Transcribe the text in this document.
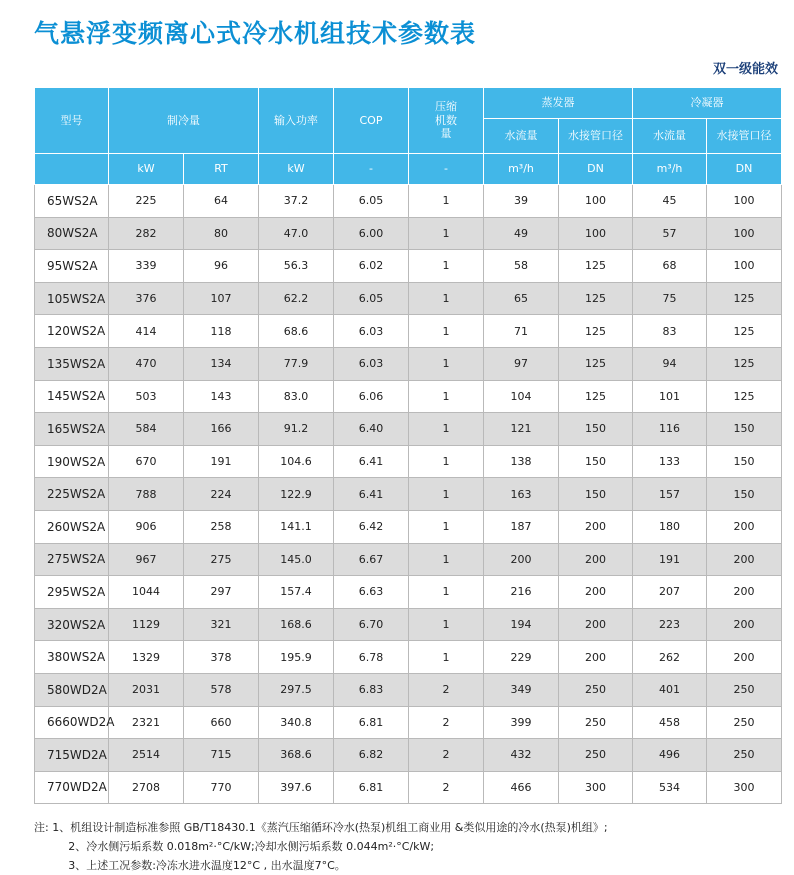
气悬浮变频离心式冷水机组技术参数表
双一级能效
型号	制冷量		输入功率	COP	压缩机数量	蒸发器		冷凝器	
						水流量	水接管口径	水流量	水接管口径
	kW	RT	kW	-	-	m³/h	DN	m³/h	DN
65WS2A	225	64	37.2	6.05	1	39	100	45	100
80WS2A	282	80	47.0	6.00	1	49	100	57	100
95WS2A	339	96	56.3	6.02	1	58	125	68	100
105WS2A	376	107	62.2	6.05	1	65	125	75	125
120WS2A	414	118	68.6	6.03	1	71	125	83	125
135WS2A	470	134	77.9	6.03	1	97	125	94	125
145WS2A	503	143	83.0	6.06	1	104	125	101	125
165WS2A	584	166	91.2	6.40	1	121	150	116	150
190WS2A	670	191	104.6	6.41	1	138	150	133	150
225WS2A	788	224	122.9	6.41	1	163	150	157	150
260WS2A	906	258	141.1	6.42	1	187	200	180	200
275WS2A	967	275	145.0	6.67	1	200	200	191	200
295WS2A	1044	297	157.4	6.63	1	216	200	207	200
320WS2A	1129	321	168.6	6.70	1	194	200	223	200
380WS2A	1329	378	195.9	6.78	1	229	200	262	200
580WD2A	2031	578	297.5	6.83	2	349	250	401	250
6660WD2A	2321	660	340.8	6.81	2	399	250	458	250
715WD2A	2514	715	368.6	6.82	2	432	250	496	250
770WD2A	2708	770	397.6	6.81	2	466	300	534	300
注: 1、机组设计制造标准参照 GB/T18430.1《蒸汽压缩循环冷水(热泵)机组工商业用 &类似用途的冷水(热泵)机组》;
2、冷水侧污垢系数 0.018m²·°C/kW;冷却水侧污垢系数 0.044m²·°C/kW;
3、上述工况参数:冷冻水进水温度12°C , 出水温度7°C。
